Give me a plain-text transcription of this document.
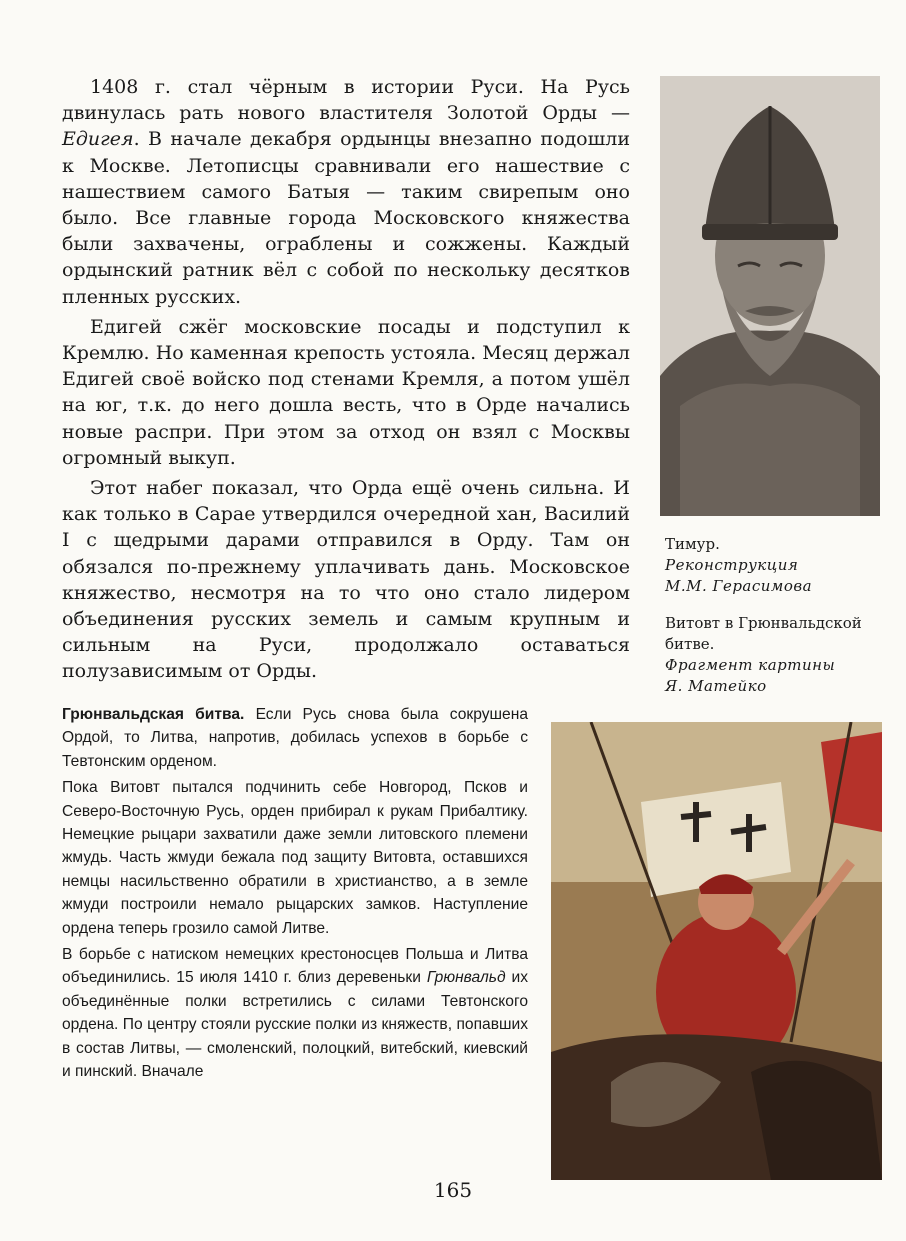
1408 г. стал чёрным в истории Руси. На Русь двинулась рать нового властителя Золотой Орды — Едигея. В начале декабря ордынцы внезапно подошли к Москве. Летописцы сравнивали его нашествие с нашествием самого Батыя — таким свирепым оно было. Все главные города Московского княжества были захвачены, ограблены и сожжены. Каждый ордынский ратник вёл с собой по нескольку десятков пленных русских.

Едигей сжёг московские посады и подступил к Кремлю. Но каменная крепость устояла. Месяц держал Едигей своё войско под стенами Кремля, а потом ушёл на юг, т.к. до него дошла весть, что в Орде начались новые распри. При этом за отход он взял с Москвы огромный выкуп.

Этот набег показал, что Орда ещё очень сильна. И как только в Сарае утвердился очередной хан, Василий I с щедрыми дарами отправился в Орду. Там он обязался по-прежнему уплачивать дань. Московское княжество, несмотря на то что оно стало лидером объединения русских земель и самым крупным и сильным на Руси, продолжало оставаться полузависимым от Орды.

Тимур.
Реконструкция
М.М. Герасимова
Витовт в Грюнвальдской
битве.
Фрагмент картины
Я. Матейко

Грюнвальдская битва. Если Русь снова была сокрушена Ордой, то Литва, напротив, добилась успехов в борьбе с Тевтонским орденом.

Пока Витовт пытался подчинить себе Новгород, Псков и Северо-Восточную Русь, орден прибирал к рукам Прибалтику. Немецкие рыцари захватили даже земли литовского племени жмудь. Часть жмуди бежала под защиту Витовта, оставшихся немцы насильственно обратили в христианство, а в земле жмуди построили немало рыцарских замков. Наступление ордена теперь грозило самой Литве.

В борьбе с натиском немецких крестоносцев Польша и Литва объединились. 15 июля 1410 г. близ деревеньки Грюнвальд их объединённые полки встретились с силами Тевтонского ордена. По центру стояли русские полки из княжеств, попавших в состав Литвы, — смоленский, полоцкий, витебский, киевский и пинский. Вначале

165
